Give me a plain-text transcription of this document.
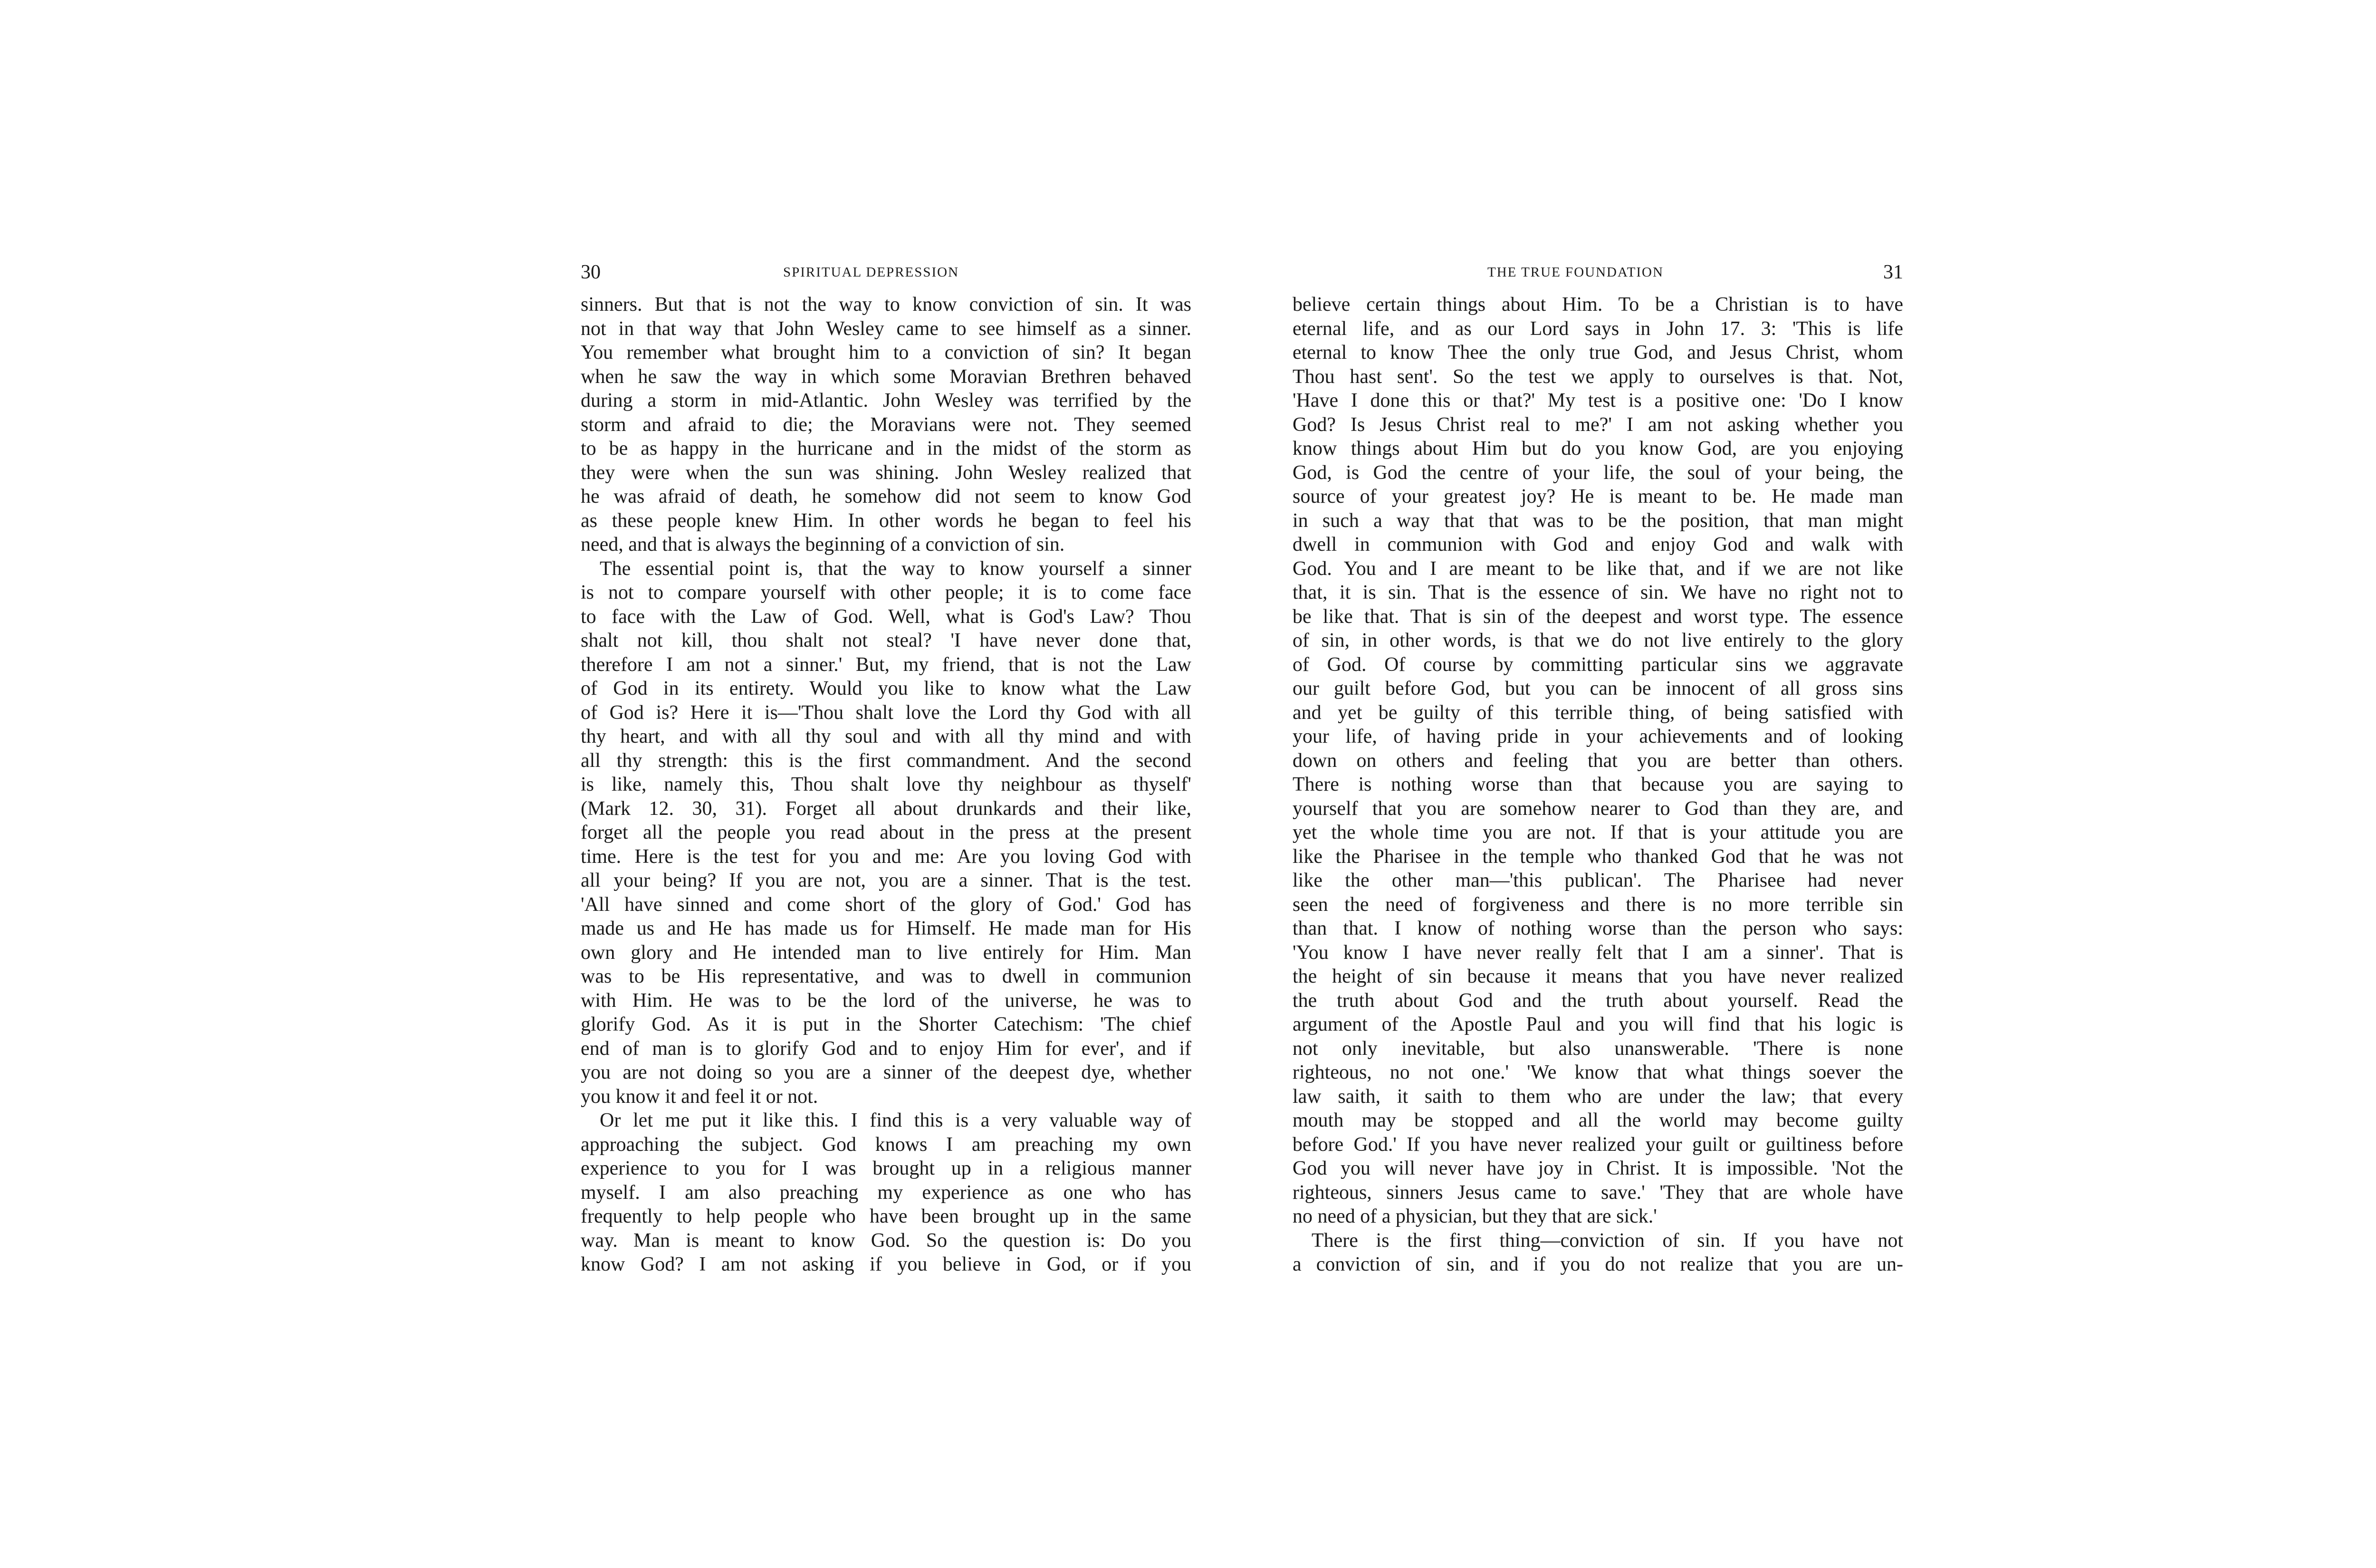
30	SPIRITUAL DEPRESSION
sinners. But that is not the way to know conviction of sin. It was
not in that way that John Wesley came to see himself as a sinner.
You remember what brought him to a conviction of sin? It began
when he saw the way in which some Moravian Brethren behaved
during a storm in mid-Atlantic. John Wesley was terrified by the
storm and afraid to die; the Moravians were not. They seemed
to be as happy in the hurricane and in the midst of the storm as
they were when the sun was shining. John Wesley realized that
he was afraid of death, he somehow did not seem to know God
as these people knew Him. In other words he began to feel his
need, and that is always the beginning of a conviction of sin.
The essential point is, that the way to know yourself a sinner
is not to compare yourself with other people; it is to come face
to face with the Law of God. Well, what is God's Law? Thou
shalt not kill, thou shalt not steal? 'I have never done that,
therefore I am not a sinner.' But, my friend, that is not the Law
of God in its entirety. Would you like to know what the Law
of God is? Here it is—'Thou shalt love the Lord thy God with all
thy heart, and with all thy soul and with all thy mind and with
all thy strength: this is the first commandment. And the second
is like, namely this, Thou shalt love thy neighbour as thyself'
(Mark 12. 30, 31). Forget all about drunkards and their like,
forget all the people you read about in the press at the present
time. Here is the test for you and me: Are you loving God with
all your being? If you are not, you are a sinner. That is the test.
'All have sinned and come short of the glory of God.' God has
made us and He has made us for Himself. He made man for His
own glory and He intended man to live entirely for Him. Man
was to be His representative, and was to dwell in communion
with Him. He was to be the lord of the universe, he was to
glorify God. As it is put in the Shorter Catechism: 'The chief
end of man is to glorify God and to enjoy Him for ever', and if
you are not doing so you are a sinner of the deepest dye, whether
you know it and feel it or not.
Or let me put it like this. I find this is a very valuable way of
approaching the subject. God knows I am preaching my own
experience to you for I was brought up in a religious manner
myself. I am also preaching my experience as one who has
frequently to help people who have been brought up in the same
way. Man is meant to know God. So the question is: Do you
know God? I am not asking if you believe in God, or if you
THE TRUE FOUNDATION	31
believe certain things about Him. To be a Christian is to have
eternal life, and as our Lord says in John 17. 3: 'This is life
eternal to know Thee the only true God, and Jesus Christ, whom
Thou hast sent'. So the test we apply to ourselves is that. Not,
'Have I done this or that?' My test is a positive one: 'Do I know
God? Is Jesus Christ real to me?' I am not asking whether you
know things about Him but do you know God, are you enjoying
God, is God the centre of your life, the soul of your being, the
source of your greatest joy? He is meant to be. He made man
in such a way that that was to be the position, that man might
dwell in communion with God and enjoy God and walk with
God. You and I are meant to be like that, and if we are not like
that, it is sin. That is the essence of sin. We have no right not to
be like that. That is sin of the deepest and worst type. The essence
of sin, in other words, is that we do not live entirely to the glory
of God. Of course by committing particular sins we aggravate
our guilt before God, but you can be innocent of all gross sins
and yet be guilty of this terrible thing, of being satisfied with
your life, of having pride in your achievements and of looking
down on others and feeling that you are better than others.
There is nothing worse than that because you are saying to
yourself that you are somehow nearer to God than they are, and
yet the whole time you are not. If that is your attitude you are
like the Pharisee in the temple who thanked God that he was not
like the other man—'this publican'. The Pharisee had never
seen the need of forgiveness and there is no more terrible sin
than that. I know of nothing worse than the person who says:
'You know I have never really felt that I am a sinner'. That is
the height of sin because it means that you have never realized
the truth about God and the truth about yourself. Read the
argument of the Apostle Paul and you will find that his logic is
not only inevitable, but also unanswerable. 'There is none
righteous, no not one.' 'We know that what things soever the
law saith, it saith to them who are under the law; that every
mouth may be stopped and all the world may become guilty
before God.' If you have never realized your guilt or guiltiness before
God you will never have joy in Christ. It is impossible. 'Not the
righteous, sinners Jesus came to save.' 'They that are whole have
no need of a physician, but they that are sick.'
There is the first thing—conviction of sin. If you have not
a conviction of sin, and if you do not realize that you are un-
